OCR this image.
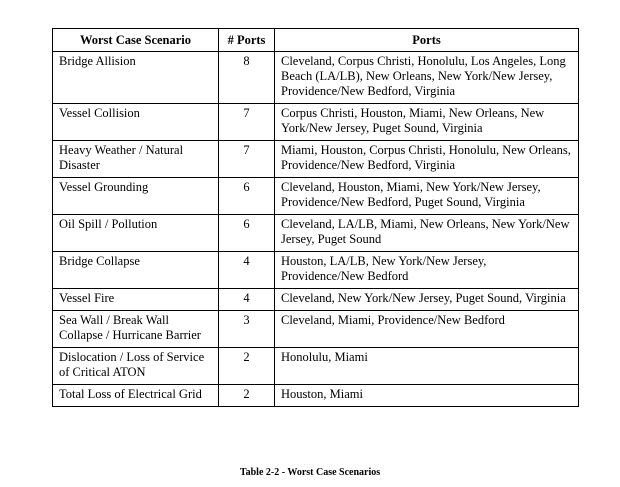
Worst Case Scenario	# Ports	Ports
Bridge Allision	8	Cleveland, Corpus Christi, Honolulu, Los Angeles, Long Beach (LA/LB), New Orleans, New York/New Jersey, Providence/New Bedford, Virginia
Vessel Collision	7	Corpus Christi, Houston, Miami, New Orleans, New York/New Jersey, Puget Sound, Virginia
Heavy Weather / Natural Disaster	7	Miami, Houston, Corpus Christi, Honolulu, New Orleans, Providence/New Bedford, Virginia
Vessel Grounding	6	Cleveland, Houston, Miami, New York/New Jersey, Providence/New Bedford, Puget Sound, Virginia
Oil Spill / Pollution	6	Cleveland, LA/LB, Miami, New Orleans, New York/New Jersey, Puget Sound
Bridge Collapse	4	Houston, LA/LB, New York/New Jersey, Providence/New Bedford
Vessel Fire	4	Cleveland, New York/New Jersey, Puget Sound, Virginia
Sea Wall / Break Wall Collapse / Hurricane Barrier	3	Cleveland, Miami, Providence/New Bedford
Dislocation / Loss of Service of Critical ATON	2	Honolulu, Miami
Total Loss of Electrical Grid	2	Houston, Miami
Table 2-2 - Worst Case Scenarios
